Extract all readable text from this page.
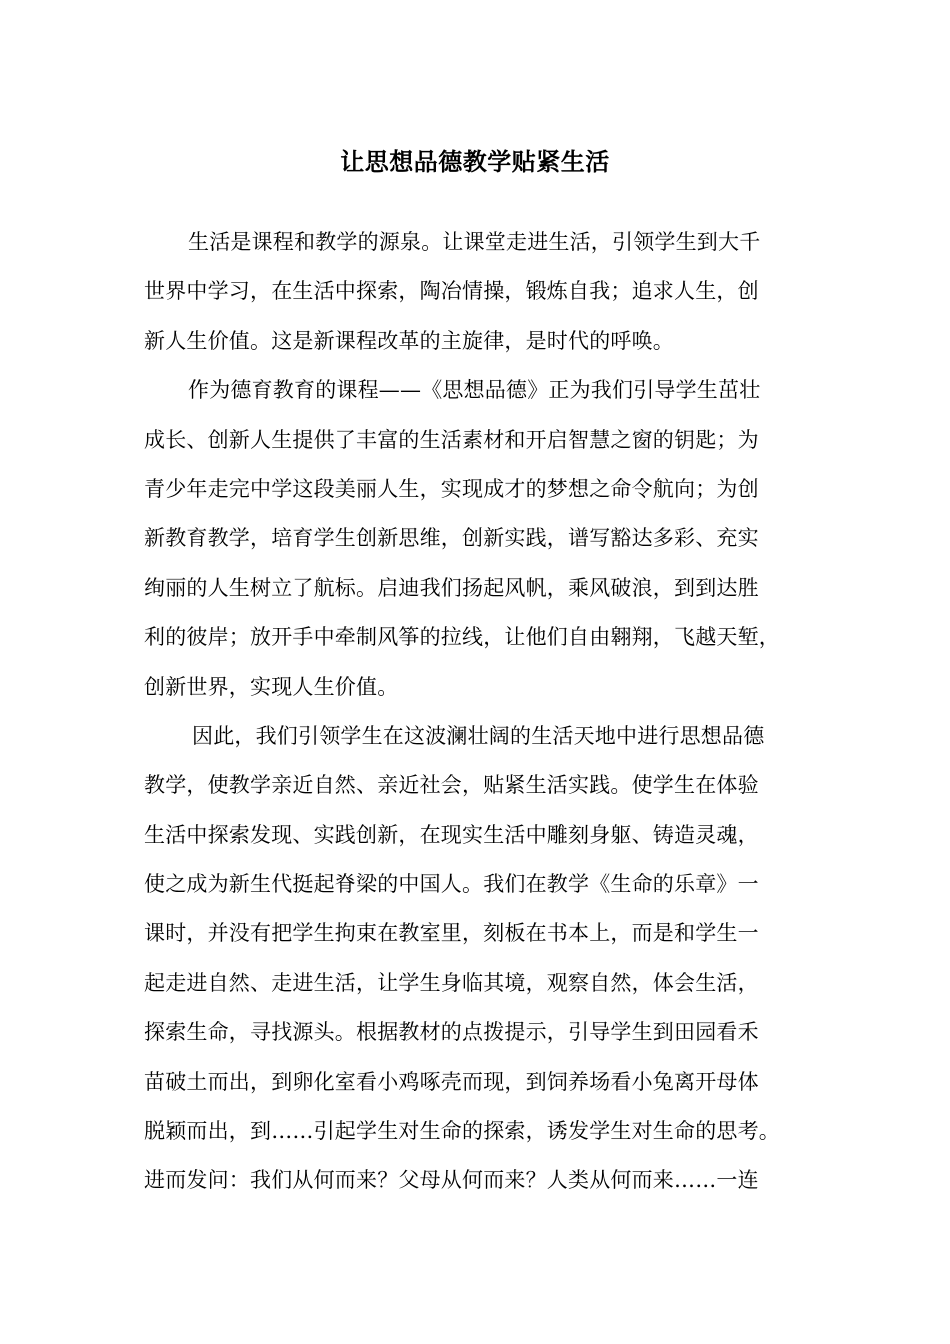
让思想品德教学贴紧生活
生活是课程和教学的源泉。让课堂走进生活，引领学生到大千
世界中学习，在生活中探索，陶冶情操，锻炼自我；追求人生，创
新人生价值。这是新课程改革的主旋律，是时代的呼唤。
作为德育教育的课程——《思想品德》正为我们引导学生茁壮
成长、创新人生提供了丰富的生活素材和开启智慧之窗的钥匙；为
青少年走完中学这段美丽人生，实现成才的梦想之命令航向；为创
新教育教学，培育学生创新思维，创新实践，谱写豁达多彩、充实
绚丽的人生树立了航标。启迪我们扬起风帆，乘风破浪，到到达胜
利的彼岸；放开手中牵制风筝的拉线，让他们自由翱翔，飞越天堑，
创新世界，实现人生价值。
因此，我们引领学生在这波澜壮阔的生活天地中进行思想品德
教学，使教学亲近自然、亲近社会，贴紧生活实践。使学生在体验
生活中探索发现、实践创新，在现实生活中雕刻身躯、铸造灵魂，
使之成为新生代挺起脊梁的中国人。我们在教学《生命的乐章》一
课时，并没有把学生拘束在教室里，刻板在书本上，而是和学生一
起走进自然、走进生活，让学生身临其境，观察自然，体会生活，
探索生命，寻找源头。根据教材的点拨提示，引导学生到田园看禾
苗破土而出，到卵化室看小鸡啄壳而现，到饲养场看小兔离开母体
脱颖而出，到……引起学生对生命的探索，诱发学生对生命的思考。
进而发问：我们从何而来？父母从何而来？人类从何而来……一连
